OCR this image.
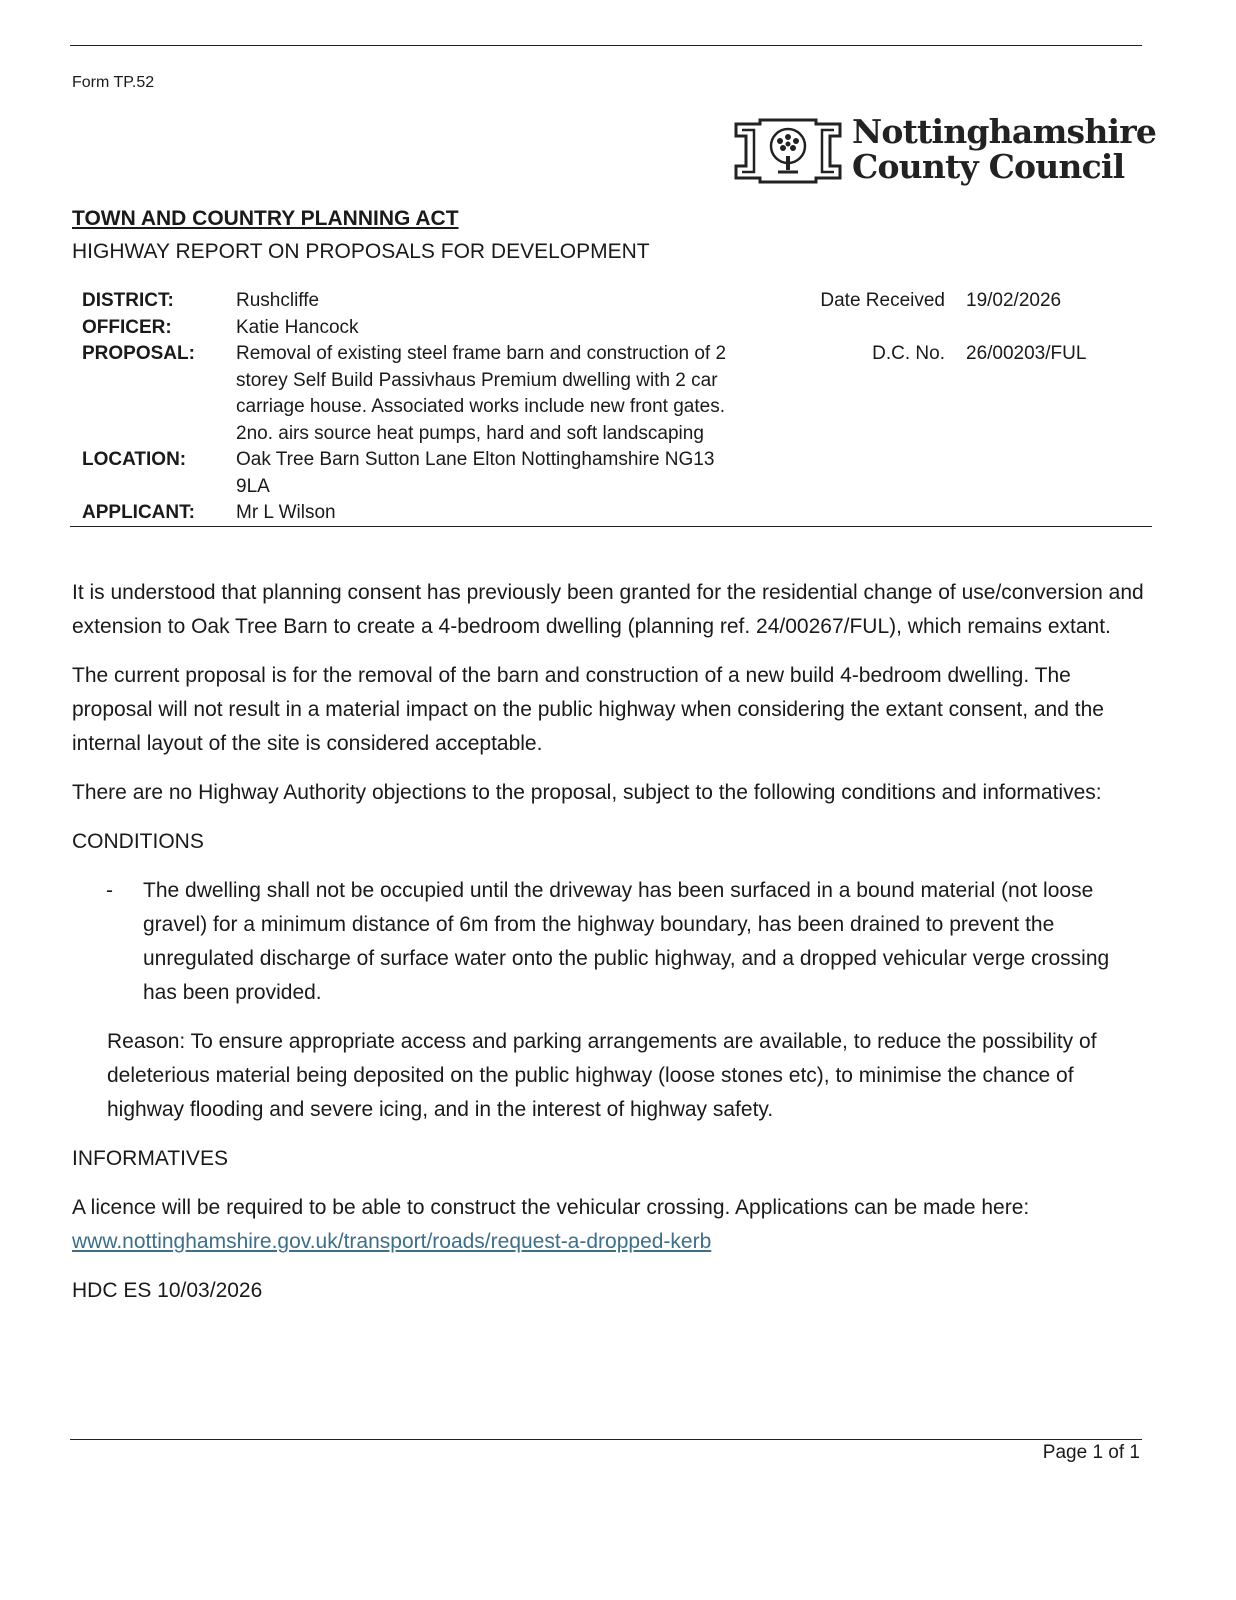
Form TP.52
Nottinghamshire
County Council
TOWN AND COUNTRY PLANNING ACT
HIGHWAY REPORT ON PROPOSALS FOR DEVELOPMENT
DISTRICT:	Rushcliffe	Date Received 19/02/2026
OFFICER:	Katie Hancock
PROPOSAL: Removal of existing steel frame barn and construction of 2 storey Self Build Passivhaus Premium dwelling with 2 car carriage house. Associated works include new front gates. 2no. airs source heat pumps, hard and soft landscaping
D.C. No. 26/00203/FUL
LOCATION:	Oak Tree Barn Sutton Lane Elton Nottinghamshire NG13 9LA
APPLICANT: Mr L Wilson

It is understood that planning consent has previously been granted for the residential change of use/conversion and extension to Oak Tree Barn to create a 4-bedroom dwelling (planning ref. 24/00267/FUL), which remains extant.

The current proposal is for the removal of the barn and construction of a new build 4-bedroom dwelling. The proposal will not result in a material impact on the public highway when considering the extant consent, and the internal layout of the site is considered acceptable.

There are no Highway Authority objections to the proposal, subject to the following conditions and informatives:

CONDITIONS

- The dwelling shall not be occupied until the driveway has been surfaced in a bound material (not loose gravel) for a minimum distance of 6m from the highway boundary, has been drained to prevent the unregulated discharge of surface water onto the public highway, and a dropped vehicular verge crossing has been provided.

Reason: To ensure appropriate access and parking arrangements are available, to reduce the possibility of deleterious material being deposited on the public highway (loose stones etc), to minimise the chance of highway flooding and severe icing, and in the interest of highway safety.

INFORMATIVES

A licence will be required to be able to construct the vehicular crossing. Applications can be made here:
www.nottinghamshire.gov.uk/transport/roads/request-a-dropped-kerb

HDC ES 10/03/2026

Page 1 of 1
